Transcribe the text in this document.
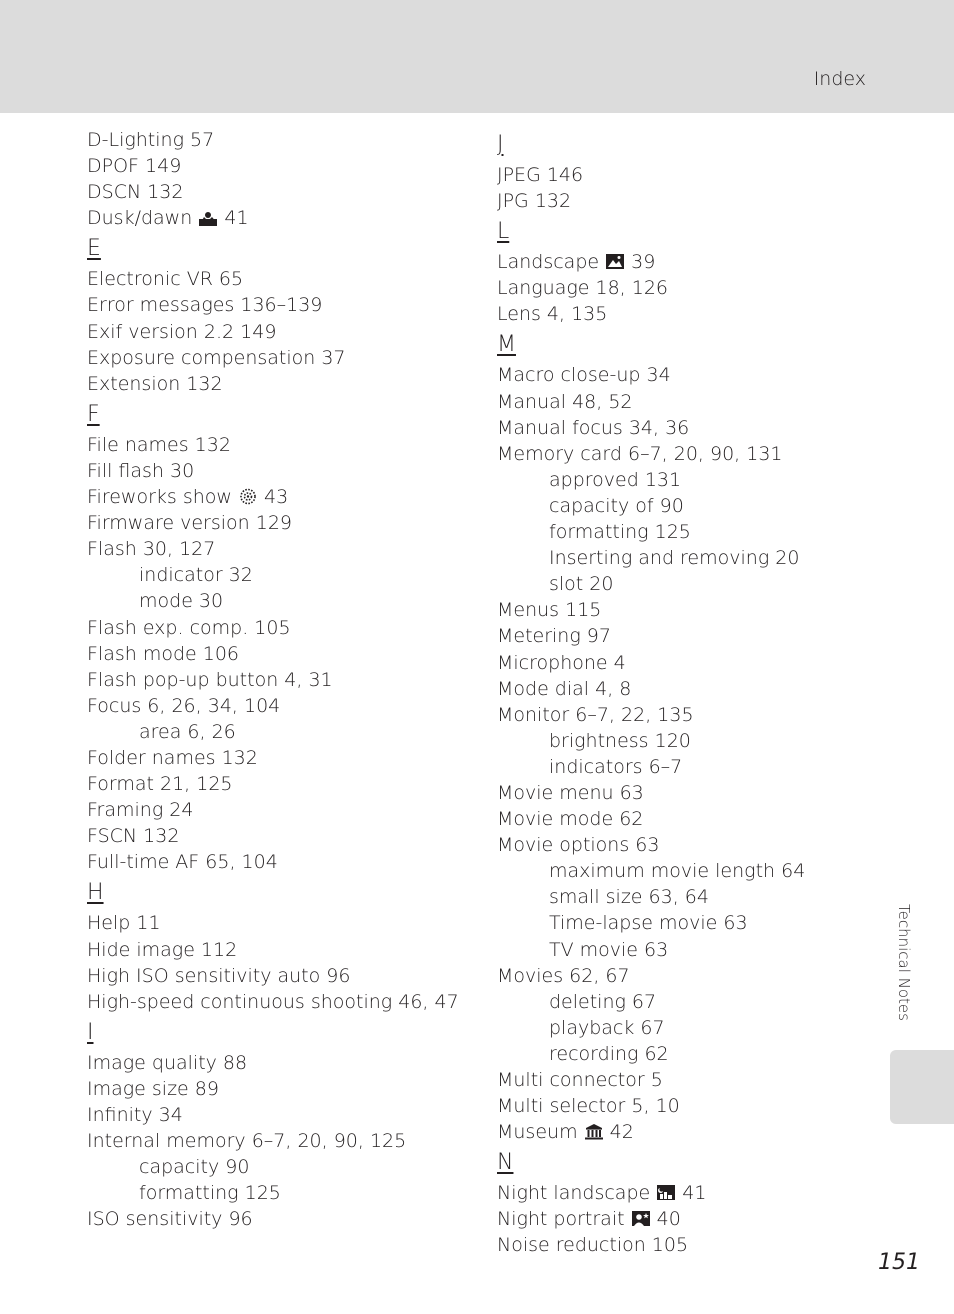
Index
D-Lighting 57
DPOF 149
DSCN 132
Dusk/dawn
41
E
Electronic VR 65
Error messages 136–139
Exif version 2.2 149
Exposure compensation 37
Extension 132
F
File names 132
Fill flash 30
Fireworks show
43
Firmware version 129
Flash 30, 127
indicator 32
mode 30
Flash exp. comp. 105
Flash mode 106
Flash pop-up button 4, 31
Focus 6, 26, 34, 104
area 6, 26
Folder names 132
Format 21, 125
Framing 24
FSCN 132
Full-time AF 65, 104
H
Help 11
Hide image 112
High ISO sensitivity auto 96
High-speed continuous shooting 46, 47
I
Image quality 88
Image size 89
Infinity 34
Internal memory 6–7, 20, 90, 125
capacity 90
formatting 125
ISO sensitivity 96
J
JPEG 146
JPG 132
L
Landscape
39
Language 18, 126
Lens 4, 135
M
Macro close-up 34
Manual 48, 52
Manual focus 34, 36
Memory card 6–7, 20, 90, 131
approved 131
capacity of 90
formatting 125
Inserting and removing 20
slot 20
Menus 115
Metering 97
Microphone 4
Mode dial 4, 8
Monitor 6–7, 22, 135
brightness 120
indicators 6–7
Movie menu 63
Movie mode 62
Movie options 63
maximum movie length 64
small size 63, 64
Time-lapse movie 63
TV movie 63
Movies 62, 67
deleting 67
playback 67
recording 62
Multi connector 5
Multi selector 5, 10
Museum
42
N
Night landscape
41
Night portrait
40
Noise reduction 105
Technical Notes
151
